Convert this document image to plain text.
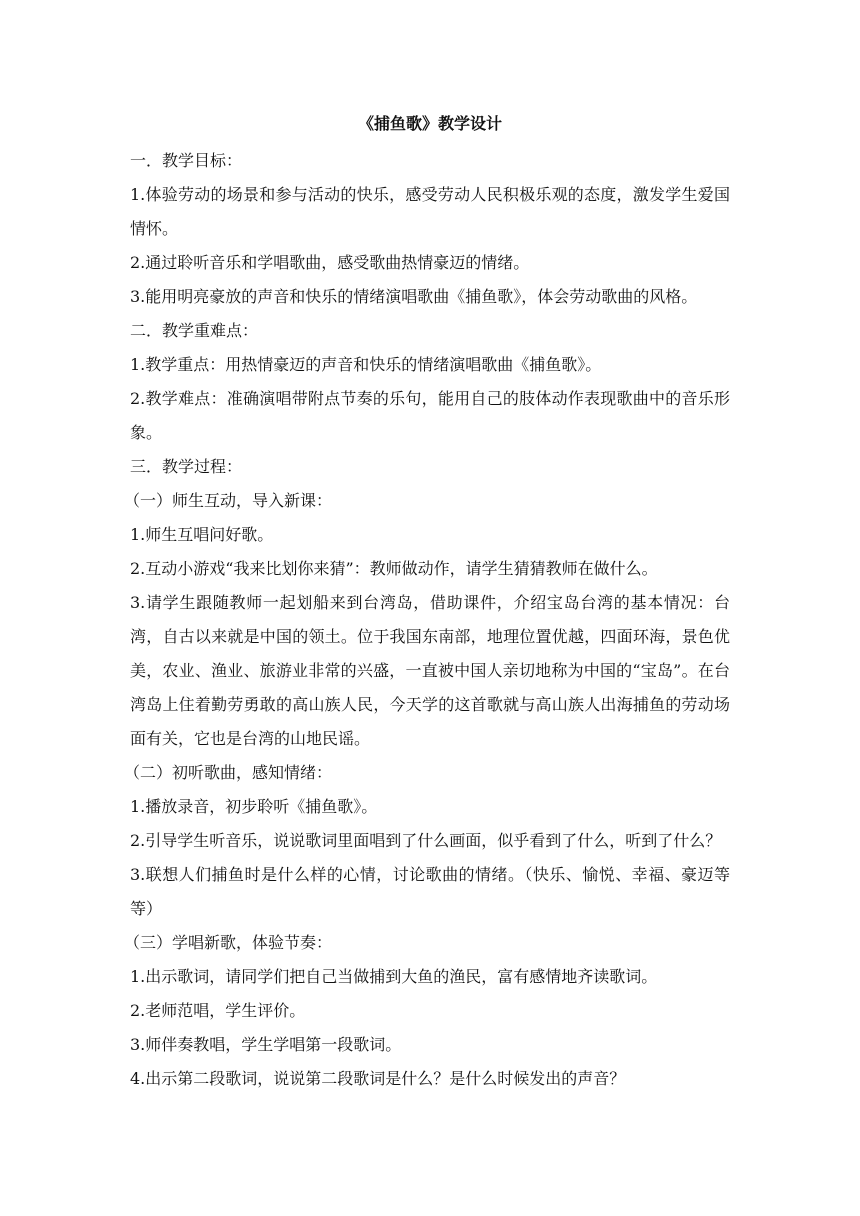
《捕鱼歌》教学设计

一．教学目标：

1.体验劳动的场景和参与活动的快乐，感受劳动人民积极乐观的态度，激发学生爱国情怀。

2.通过聆听音乐和学唱歌曲，感受歌曲热情豪迈的情绪。

3.能用明亮豪放的声音和快乐的情绪演唱歌曲《捕鱼歌》，体会劳动歌曲的风格。

二．教学重难点：

1.教学重点：用热情豪迈的声音和快乐的情绪演唱歌曲《捕鱼歌》。

2.教学难点：准确演唱带附点节奏的乐句，能用自己的肢体动作表现歌曲中的音乐形象。

三．教学过程：

（一）师生互动，导入新课：

1.师生互唱问好歌。

2.互动小游戏“我来比划你来猜”：教师做动作，请学生猜猜教师在做什么。

3.请学生跟随教师一起划船来到台湾岛，借助课件，介绍宝岛台湾的基本情况：台湾，自古以来就是中国的领土。位于我国东南部，地理位置优越，四面环海，景色优美，农业、渔业、旅游业非常的兴盛，一直被中国人亲切地称为中国的“宝岛”。在台湾岛上住着勤劳勇敢的高山族人民，今天学的这首歌就与高山族人出海捕鱼的劳动场面有关，它也是台湾的山地民谣。

（二）初听歌曲，感知情绪：

1.播放录音，初步聆听《捕鱼歌》。

2.引导学生听音乐，说说歌词里面唱到了什么画面，似乎看到了什么，听到了什么？

3.联想人们捕鱼时是什么样的心情，讨论歌曲的情绪。（快乐、愉悦、幸福、豪迈等等）

（三）学唱新歌，体验节奏：

1.出示歌词，请同学们把自己当做捕到大鱼的渔民，富有感情地齐读歌词。

2.老师范唱，学生评价。

3.师伴奏教唱，学生学唱第一段歌词。

4.出示第二段歌词，说说第二段歌词是什么？是什么时候发出的声音？
